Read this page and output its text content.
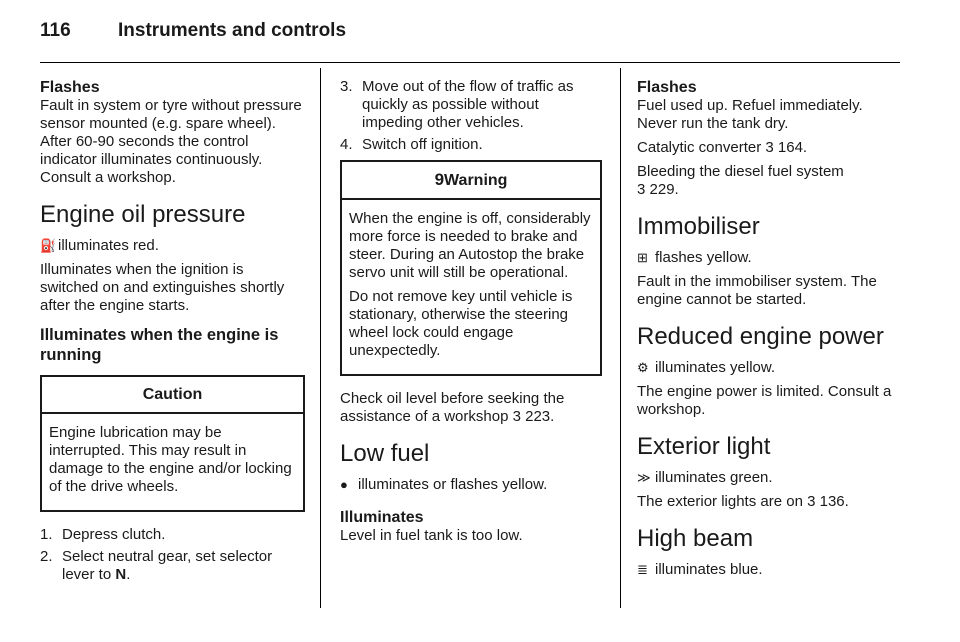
116 Instruments and controls
Flashes

Fault in system or tyre without pressure sensor mounted (e.g. spare wheel). After 60-90 seconds the control indicator illuminates continuously. Consult a workshop.

Engine oil pressure

⛽ illuminates red.

Illuminates when the ignition is switched on and extinguishes shortly after the engine starts.

Illuminates when the engine is running
Caution

Engine lubrication may be interrupted. This may result in damage to the engine and/or locking of the drive wheels.

1. Depress clutch.
2. Select neutral gear, set selector lever to N.
3. Move out of the flow of traffic as quickly as possible without impeding other vehicles.
4. Switch off ignition.
9Warning

When the engine is off, considerably more force is needed to brake and steer. During an Autostop the brake servo unit will still be operational.

Do not remove key until vehicle is stationary, otherwise the steering wheel lock could engage unexpectedly.

Check oil level before seeking the assistance of a workshop 3 223.

Low fuel

● illuminates or flashes yellow.

Illuminates

Level in fuel tank is too low.

Flashes

Fuel used up. Refuel immediately. Never run the tank dry.

Catalytic converter 3 164.

Bleeding the diesel fuel system
3 229.

Immobiliser

⊞ flashes yellow.

Fault in the immobiliser system. The engine cannot be started.

Reduced engine power

⚙ illuminates yellow.

The engine power is limited. Consult a workshop.

Exterior light

≫ illuminates green.

The exterior lights are on 3 136.

High beam

≣ illuminates blue.
